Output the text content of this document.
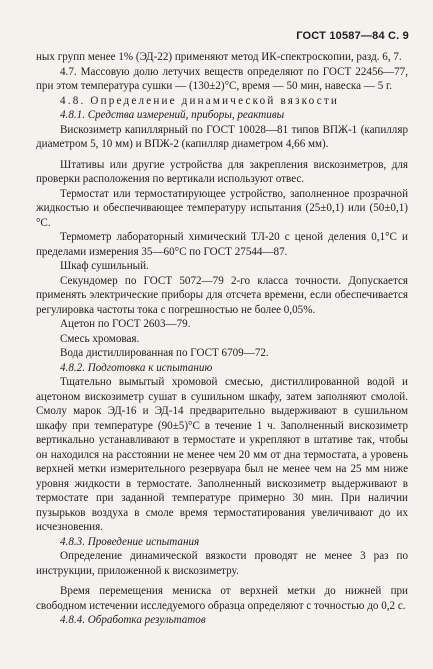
ГОСТ 10587—84 С. 9

ных групп менее 1% (ЭД-22) применяют метод ИК-спектроскопии, разд. 6, 7.

4.7. Массовую долю летучих веществ определяют по ГОСТ 22456—77, при этом температура сушки — (130±2)°С, время — 50 мин, навеска — 5 г.

4.8. Определение динамической вязкости

4.8.1. Средства измерений, приборы, реактивы

Вискозиметр капиллярный по ГОСТ 10028—81 типов ВПЖ-1 (капилляр диаметром 5, 10 мм) и ВПЖ-2 (капилляр диаметром 4,66 мм).

Штативы или другие устройства для закрепления вискозиметров, для проверки расположения по вертикали используют отвес.

Термостат или термостатирующее устройство, заполненное прозрачной жидкостью и обеспечивающее температуру испытания (25±0,1) или (50±0,1)°С.

Термометр лабораторный химический ТЛ-20 с ценой деления 0,1°С и пределами измерения 35—60°С по ГОСТ 27544—87.

Шкаф сушильный.

Секундомер по ГОСТ 5072—79 2-го класса точности. Допускается применять электрические приборы для отсчета времени, если обеспечивается регулировка частоты тока с погрешностью не более 0,05%.

Ацетон по ГОСТ 2603—79.

Смесь хромовая.

Вода дистиллированная по ГОСТ 6709—72.

4.8.2. Подготовка к испытанию

Тщательно вымытый хромовой смесью, дистиллированной водой и ацетоном вискозиметр сушат в сушильном шкафу, затем заполняют смолой. Смолу марок ЭД-16 и ЭД-14 предварительно выдерживают в сушильном шкафу при температуре (90±5)°С в течение 1 ч. Заполненный вискозиметр вертикально устанавливают в термостате и укрепляют в штативе так, чтобы он находился на расстоянии не менее чем 20 мм от дна термостата, а уровень верхней метки измерительного резервуара был не менее чем на 25 мм ниже уровня жидкости в термостате. Заполненный вискозиметр выдерживают в термостате при заданной температуре примерно 30 мин. При наличии пузырьков воздуха в смоле время термостатирования увеличивают до их исчезновения.

4.8.3. Проведение испытания

Определение динамической вязкости проводят не менее 3 раз по инструкции, приложенной к вискозиметру.

Время перемещения мениска от верхней метки до нижней при свободном истечении исследуемого образца определяют с точностью до 0,2 с.

4.8.4. Обработка результатов
